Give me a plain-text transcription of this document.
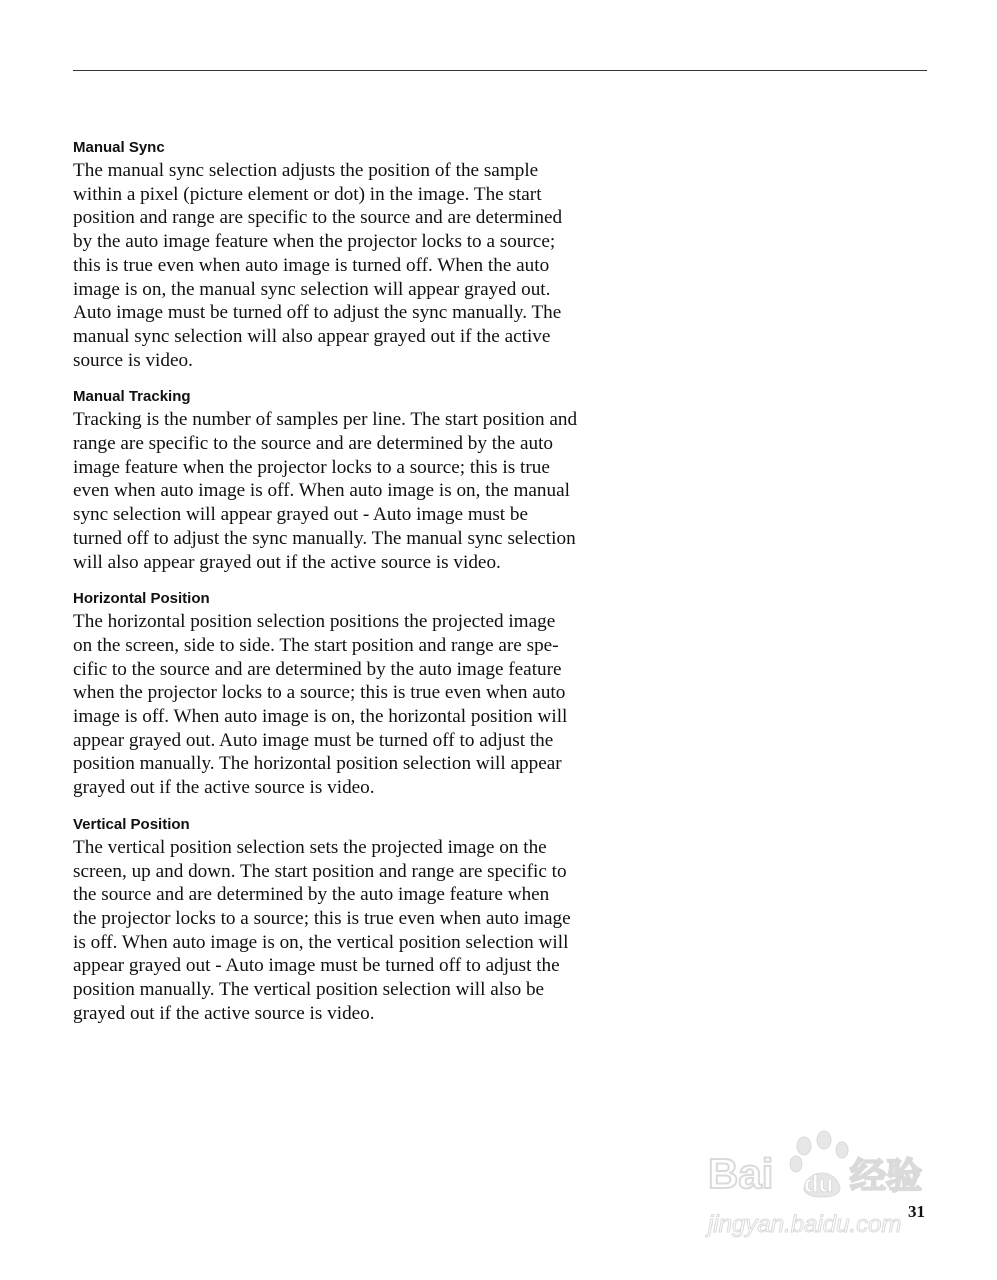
Manual Sync
The manual sync selection adjusts the position of the sample
within a pixel (picture element or dot) in the image. The start
position and range are specific to the source and are determined
by the auto image feature when the projector locks to a source;
this is true even when auto image is turned off. When the auto
image is on, the manual sync selection will appear grayed out.
Auto image must be turned off to adjust the sync manually. The
manual sync selection will also appear grayed out if the active
source is video.
Manual Tracking
Tracking is the number of samples per line. The start position and
range are specific to the source and are determined by the auto
image feature when the projector locks to a source; this is true
even when auto image is off. When auto image is on, the manual
sync selection will appear grayed out - Auto image must be
turned off to adjust the sync manually. The manual sync selection
will also appear grayed out if the active source is video.
Horizontal Position
The horizontal position selection positions the projected image
on the screen, side to side. The start position and range are spe-
cific to the source and are determined by the auto image feature
when the projector locks to a source; this is true even when auto
image is off. When auto image is on, the horizontal position will
appear grayed out. Auto image must be turned off to adjust the
position manually. The horizontal position selection will appear
grayed out if the active source is video.
Vertical Position
The vertical position selection sets the projected image on the
screen, up and down. The start position and range are specific to
the source and are determined by the auto image feature when
the projector locks to a source; this is true even when auto image
is off. When auto image is on, the vertical position selection will
appear grayed out - Auto image must be turned off to adjust the
position manually. The vertical position selection will also be
grayed out if the active source is video.
Bai du 经验
jingyan.baidu.com 31
